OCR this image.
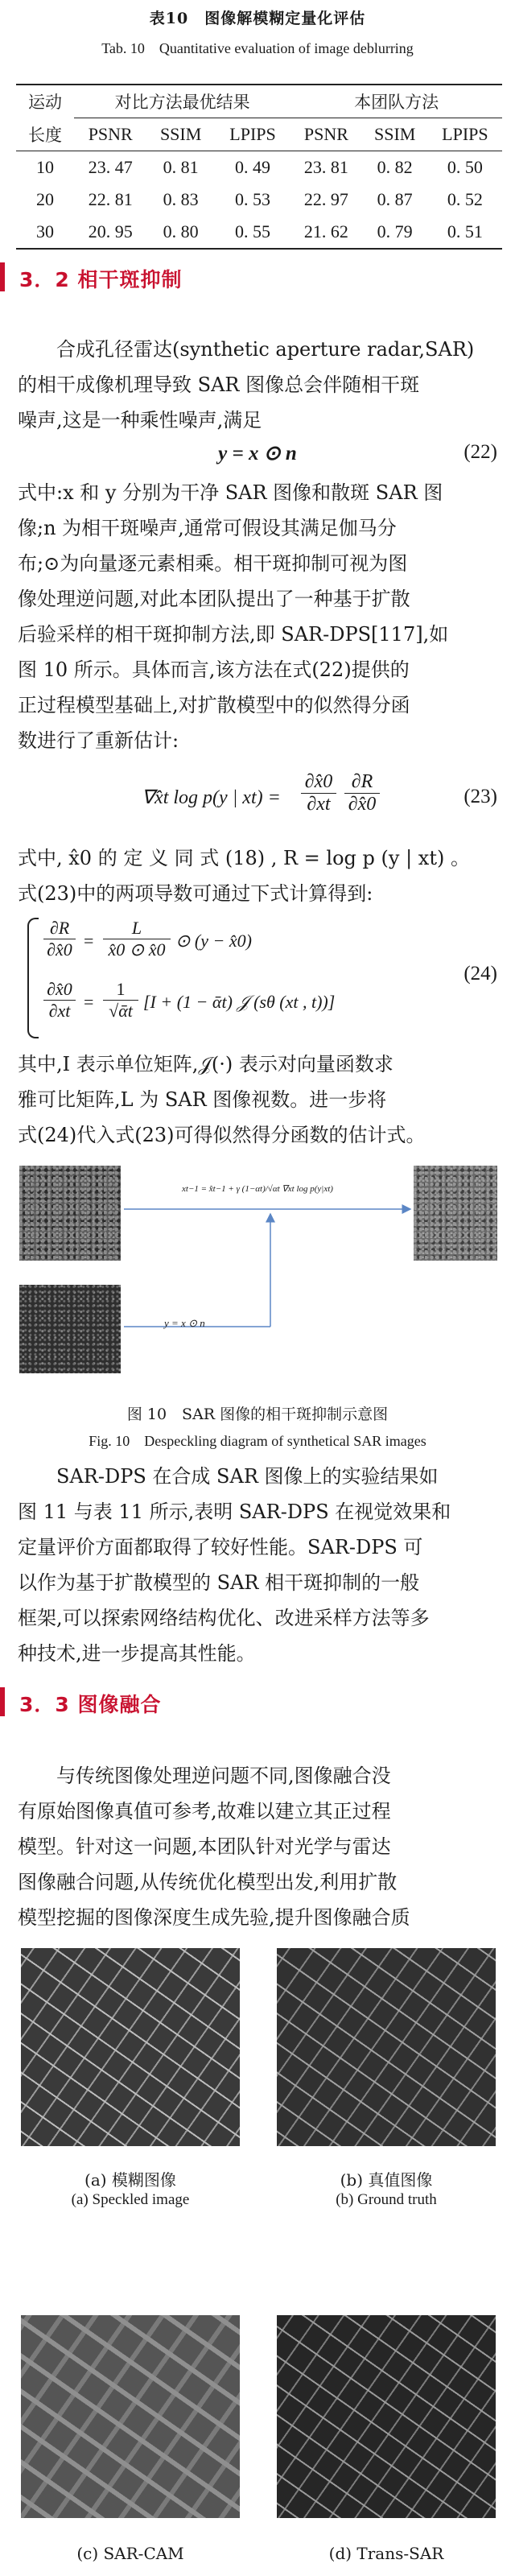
表10　图像解模糊定量化评估
Tab. 10　Quantitative evaluation of image deblurring
运动	对比方法最优结果			本团队方法		
长度	PSNR	SSIM	LPIPS	PSNR	SSIM	LPIPS
10	23. 47	0. 81	0. 49	23. 81	0. 82	0. 50
20	22. 81	0. 83	0. 53	22. 97	0. 87	0. 52
30	20. 95	0. 80	0. 55	21. 62	0. 79	0. 51
3．2 相干斑抑制

　　合成孔径雷达(synthetic aperture radar,SAR)

的相干成像机理导致 SAR 图像总会伴随相干斑

噪声,这是一种乘性噪声,满足

y = x ⊙ n	(22)

式中:x 和 y 分别为干净 SAR 图像和散斑 SAR 图

像;n 为相干斑噪声,通常可假设其满足伽马分

布;⊙为向量逐元素相乘。相干斑抑制可视为图

像处理逆问题,对此本团队提出了一种基于扩散

后验采样的相干斑抑制方法,即 SAR-DPS[117],如

图 10 所示。具体而言,该方法在式(22)提供的

正过程模型基础上,对扩散模型中的似然得分函

数进行了重新估计:

∇x̂t log p(y | $xt) = \frac{\partial x̂0}{\partial xt} \frac{\partial R}{\partial x̂0}$	(23)

式中, x̂0 的 定 义 同 式 (18) , R = log p (y | xt) 。

式(23)中的两项导数可通过下式计算得到:

$\frac{\partial R}{\partial x̂0} = \frac{L}{x̂0 ⊙ x̂0}$ ⊙ (y − x̂0)
$\frac{\partial x̂0}{\partial xt} = \frac{1}{\text{√ᾱt}} [I + (1$ − ᾱt) 𝒥 (sθ (xt , t))]
(24)

其中,I 表示单位矩阵,𝒥(·) 表示对向量函数求

雅可比矩阵,L 为 SAR 图像视数。进一步将

式(24)代入式(23)可得似然得分函数的估计式。

xt−1 = x̂t−1 + γ (1−αt)/√αt ∇xt log p(y|xt)
y = x ⊙ n
图 10　SAR 图像的相干斑抑制示意图
Fig. 10　Despeckling diagram of synthetical SAR images

　　SAR-DPS 在合成 SAR 图像上的实验结果如

图 11 与表 11 所示,表明 SAR-DPS 在视觉效果和

定量评价方面都取得了较好性能。SAR-DPS 可

以作为基于扩散模型的 SAR 相干斑抑制的一般

框架,可以探索网络结构优化、改进采样方法等多

种技术,进一步提高其性能。

3．3 图像融合

　　与传统图像处理逆问题不同,图像融合没

有原始图像真值可参考,故难以建立其正过程

模型。针对这一问题,本团队针对光学与雷达

图像融合问题,从传统优化模型出发,利用扩散

模型挖掘的图像深度生成先验,提升图像融合质

(a) 模糊图像	(b) 真值图像
(a) Speckled image	(b) Ground truth
(c) SAR-CAM	(d) Trans-SAR
